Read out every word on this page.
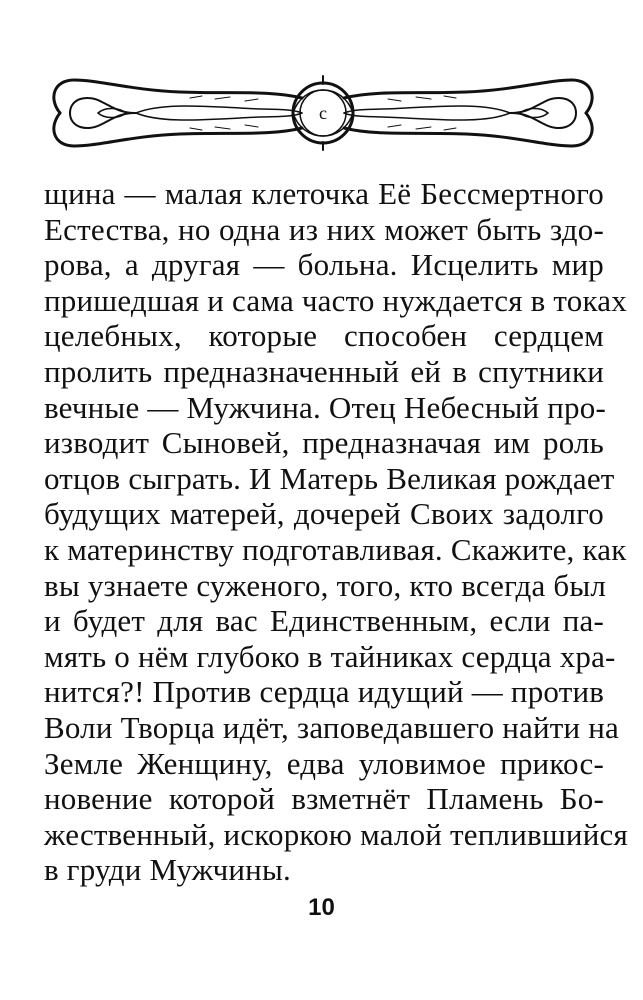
с
щина — малая клеточка Её Бессмертного
Естества, но одна из них может быть здо-
рова, а другая — больна. Исцелить мир
пришедшая и сама часто нуждается в токах
целебных, которые способен сердцем
пролить предназначенный ей в спутники
вечные — Мужчина. Отец Небесный про-
изводит Сыновей, предназначая им роль
отцов сыграть. И Матерь Великая рождает
будущих матерей, дочерей Своих задолго
к материнству подготавливая. Скажите, как
вы узнаете суженого, того, кто всегда был
и будет для вас Единственным, если па-
мять о нём глубоко в тайниках сердца хра-
нится?! Против сердца идущий — против
Воли Творца идёт, заповедавшего найти на
Земле Женщину, едва уловимое прикос-
новение которой взметнёт Пламень Бо-
жественный, искоркою малой теплившийся
в груди Мужчины.
10
